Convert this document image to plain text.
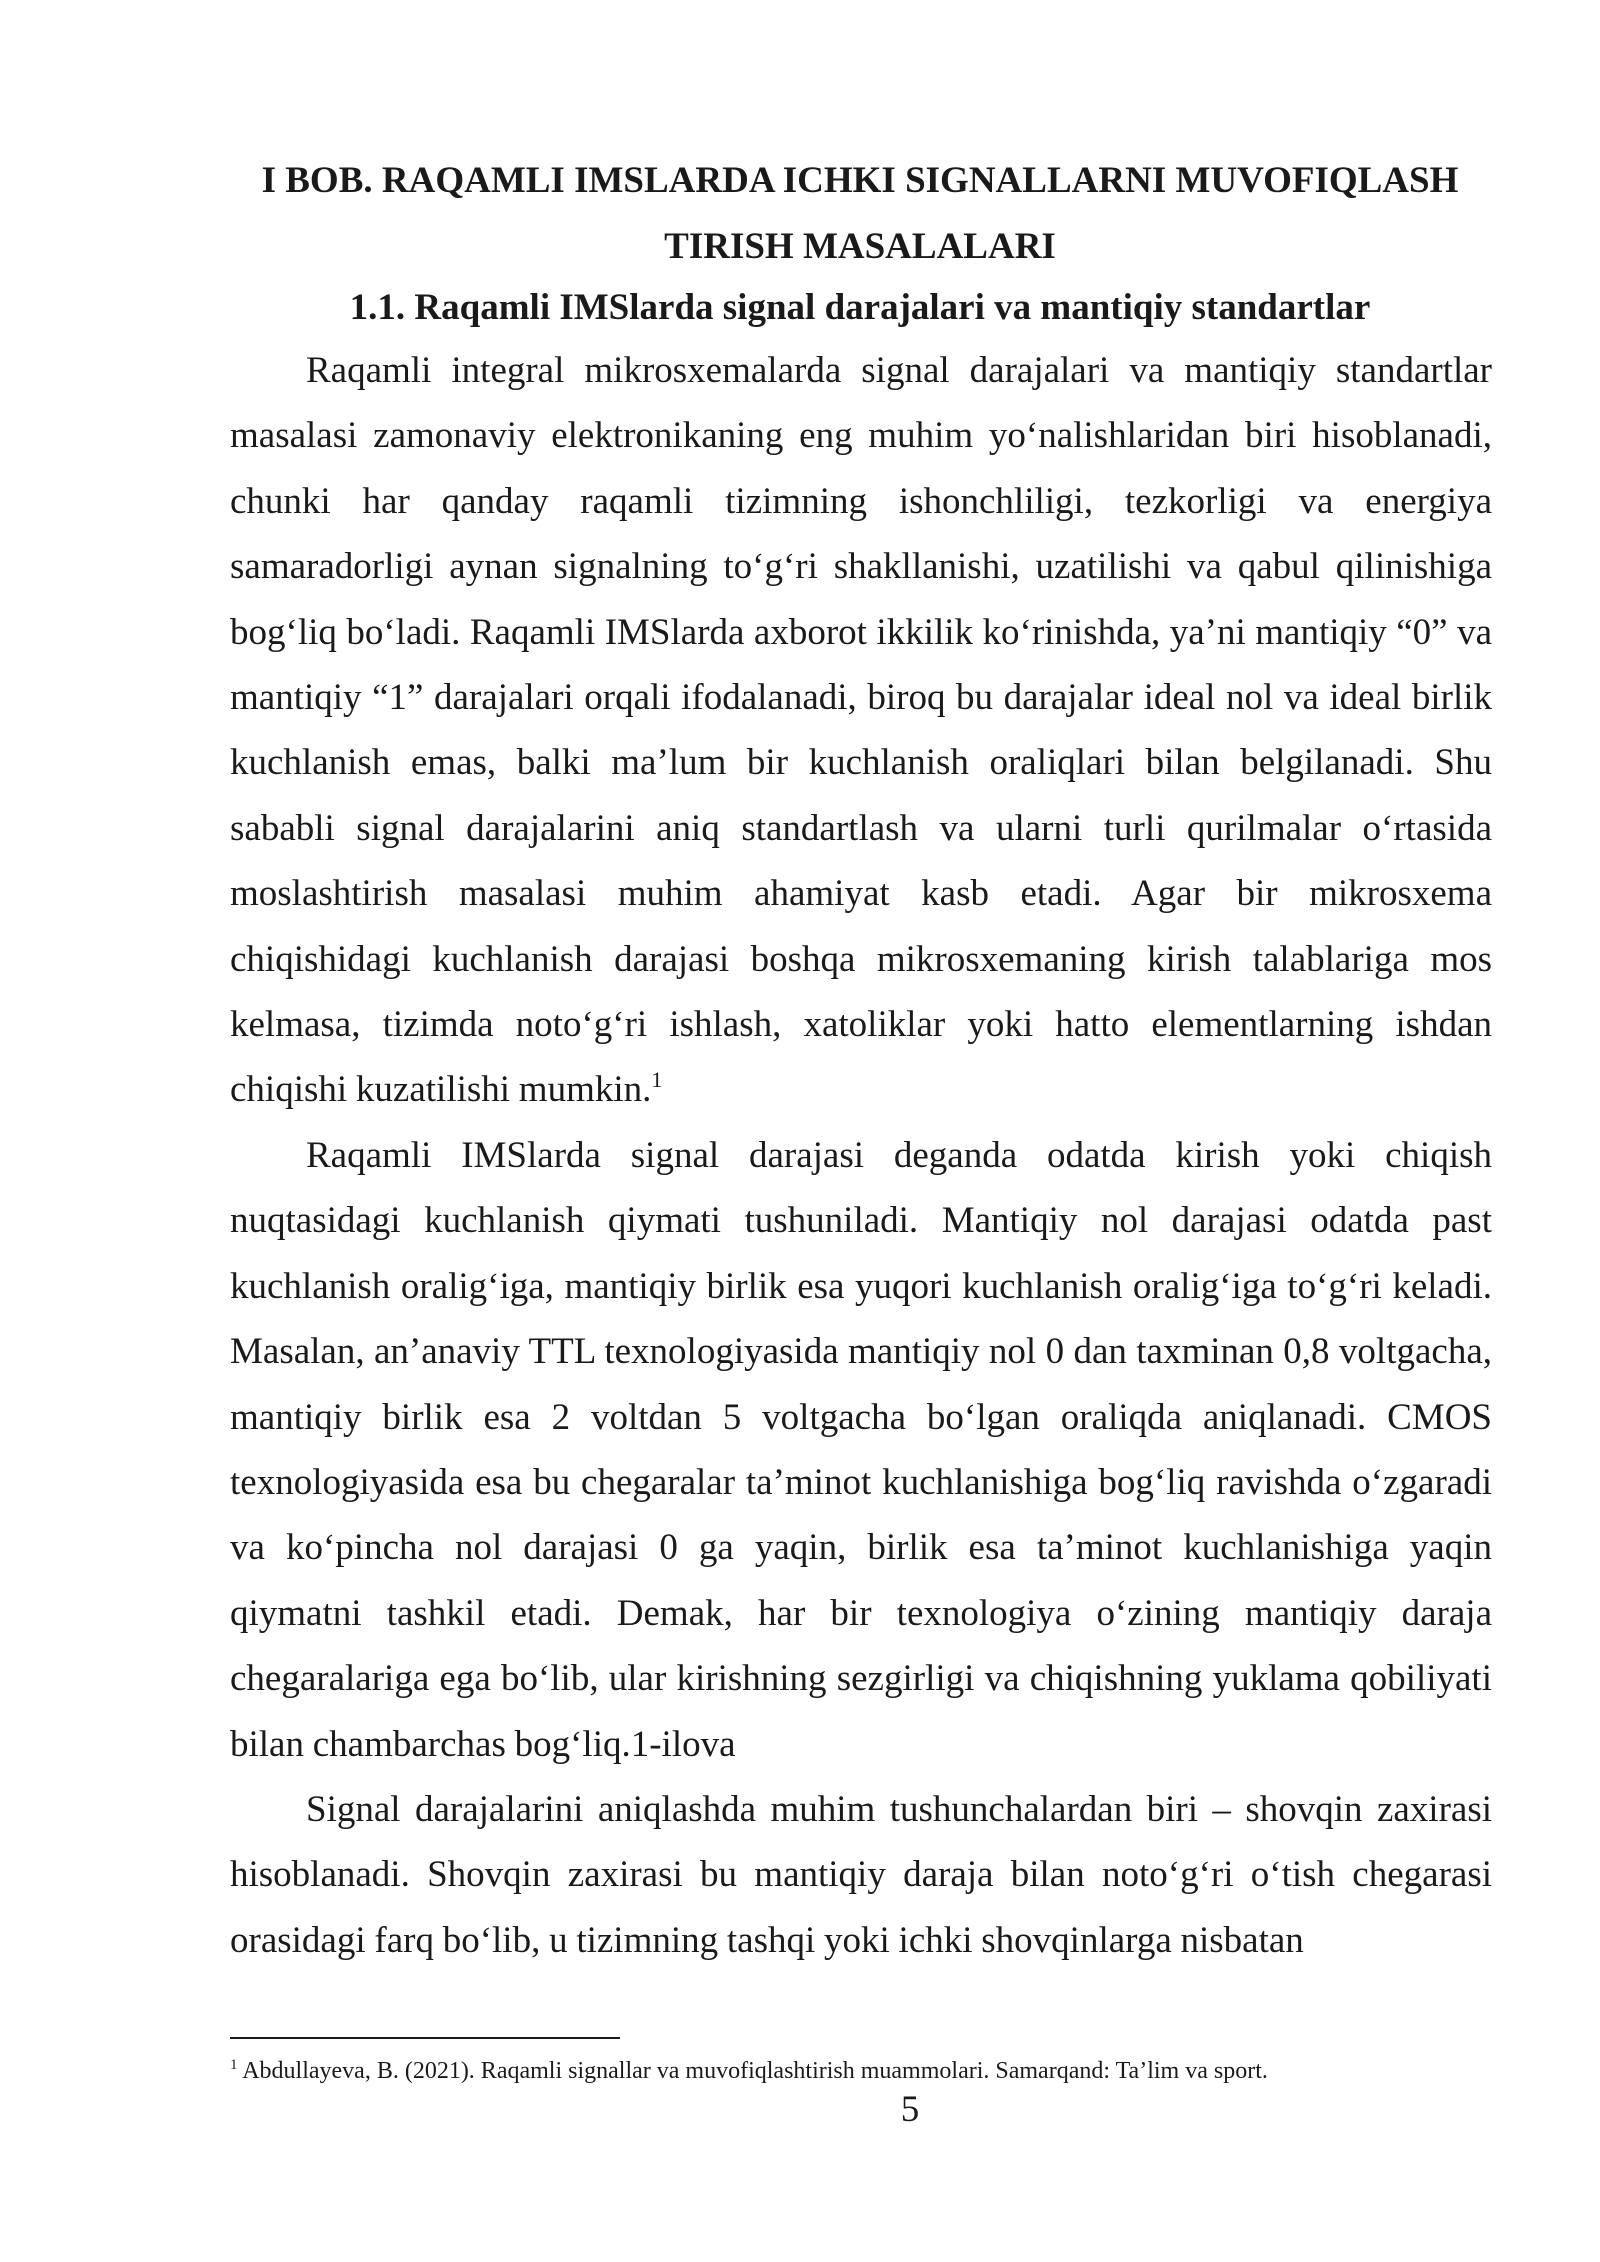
I BOB. RAQAMLI IMSLARDA ICHKI SIGNALLARNI MUVOFIQLASH TIRISH MASALALARI
1.1. Raqamli IMSlarda signal darajalari va mantiqiy standartlar

Raqamli integral mikrosxemalarda signal darajalari va mantiqiy standartlar masalasi zamonaviy elektronikaning eng muhim yo‘nalishlaridan biri hisoblanadi, chunki har qanday raqamli tizimning ishonchliligi, tezkorligi va energiya samaradorligi aynan signalning to‘g‘ri shakllanishi, uzatilishi va qabul qilinishiga bog‘liq bo‘ladi. Raqamli IMSlarda axborot ikkilik ko‘rinishda, ya’ni mantiqiy “0” va mantiqiy “1” darajalari orqali ifodalanadi, biroq bu darajalar ideal nol va ideal birlik kuchlanish emas, balki ma’lum bir kuchlanish oraliqlari bilan belgilanadi. Shu sababli signal darajalarini aniq standartlash va ularni turli qurilmalar o‘rtasida moslashtirish masalasi muhim ahamiyat kasb etadi. Agar bir mikrosxema chiqishidagi kuchlanish darajasi boshqa mikrosxemaning kirish talablariga mos kelmasa, tizimda noto‘g‘ri ishlash, xatoliklar yoki hatto elementlarning ishdan chiqishi kuzatilishi mumkin.$^1$

Raqamli IMSlarda signal darajasi deganda odatda kirish yoki chiqish nuqtasidagi kuchlanish qiymati tushuniladi. Mantiqiy nol darajasi odatda past kuchlanish oralig‘iga, mantiqiy birlik esa yuqori kuchlanish oralig‘iga to‘g‘ri keladi. Masalan, an’anaviy TTL texnologiyasida mantiqiy nol 0 dan taxminan 0,8 voltgacha, mantiqiy birlik esa 2 voltdan 5 voltgacha bo‘lgan oraliqda aniqlanadi. CMOS texnologiyasida esa bu chegaralar ta’minot kuchlanishiga bog‘liq ravishda o‘zgaradi va ko‘pincha nol darajasi 0 ga yaqin, birlik esa ta’minot kuchlanishiga yaqin qiymatni tashkil etadi. Demak, har bir texnologiya o‘zining mantiqiy daraja chegaralariga ega bo‘lib, ular kirishning sezgirligi va chiqishning yuklama qobiliyati bilan chambarchas bog‘liq.1-ilova

Signal darajalarini aniqlashda muhim tushunchalardan biri – shovqin zaxirasi hisoblanadi. Shovqin zaxirasi bu mantiqiy daraja bilan noto‘g‘ri o‘tish chegarasi orasidagi farq bo‘lib, u tizimning tashqi yoki ichki shovqinlarga nisbatan

$^1$ Abdullayeva, B. (2021). Raqamli signallar va muvofiqlashtirish muammolari. Samarqand: Ta’lim va sport.

5
